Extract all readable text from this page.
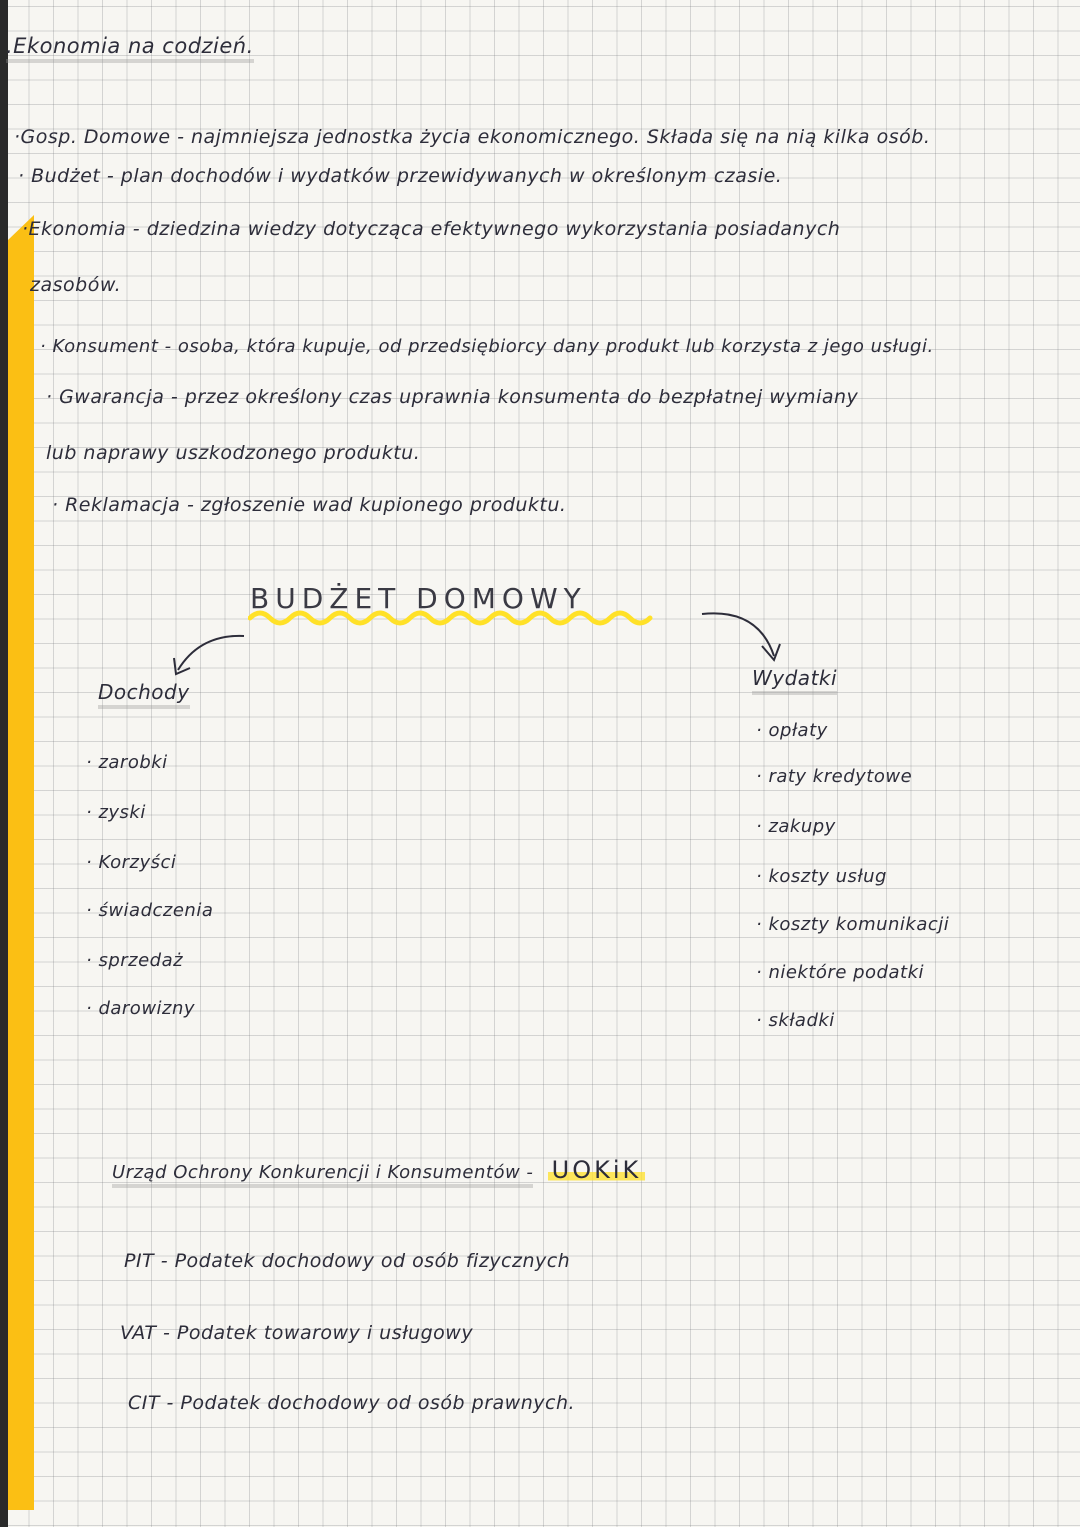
.Ekonomia na codzień.
·Gosp. Domowe - najmniejsza jednostka życia ekonomicznego. Składa się na nią kilka osób.
· Budżet - plan dochodów i wydatków przewidywanych w określonym czasie.
·Ekonomia - dziedzina wiedzy dotycząca efektywnego wykorzystania posiadanych
zasobów.
· Konsument - osoba, która kupuje, od przedsiębiorcy dany produkt lub korzysta z jego usługi.
· Gwarancja - przez określony czas uprawnia konsumenta do bezpłatnej wymiany
lub naprawy uszkodzonego produktu.
· Reklamacja - zgłoszenie wad kupionego produktu.
BUDŻET DOMOWY
Dochody
· zarobki
· zyski
· Korzyści
· świadczenia
· sprzedaż
· darowizny
Wydatki
· opłaty
· raty kredytowe
· zakupy
· koszty usług
· koszty komunikacji
· niektóre podatki
· składki
Urząd Ochrony Konkurencji i Konsumentów - UOKiK
PIT - Podatek dochodowy od osób fizycznych
VAT - Podatek towarowy i usługowy
CIT - Podatek dochodowy od osób prawnych.
